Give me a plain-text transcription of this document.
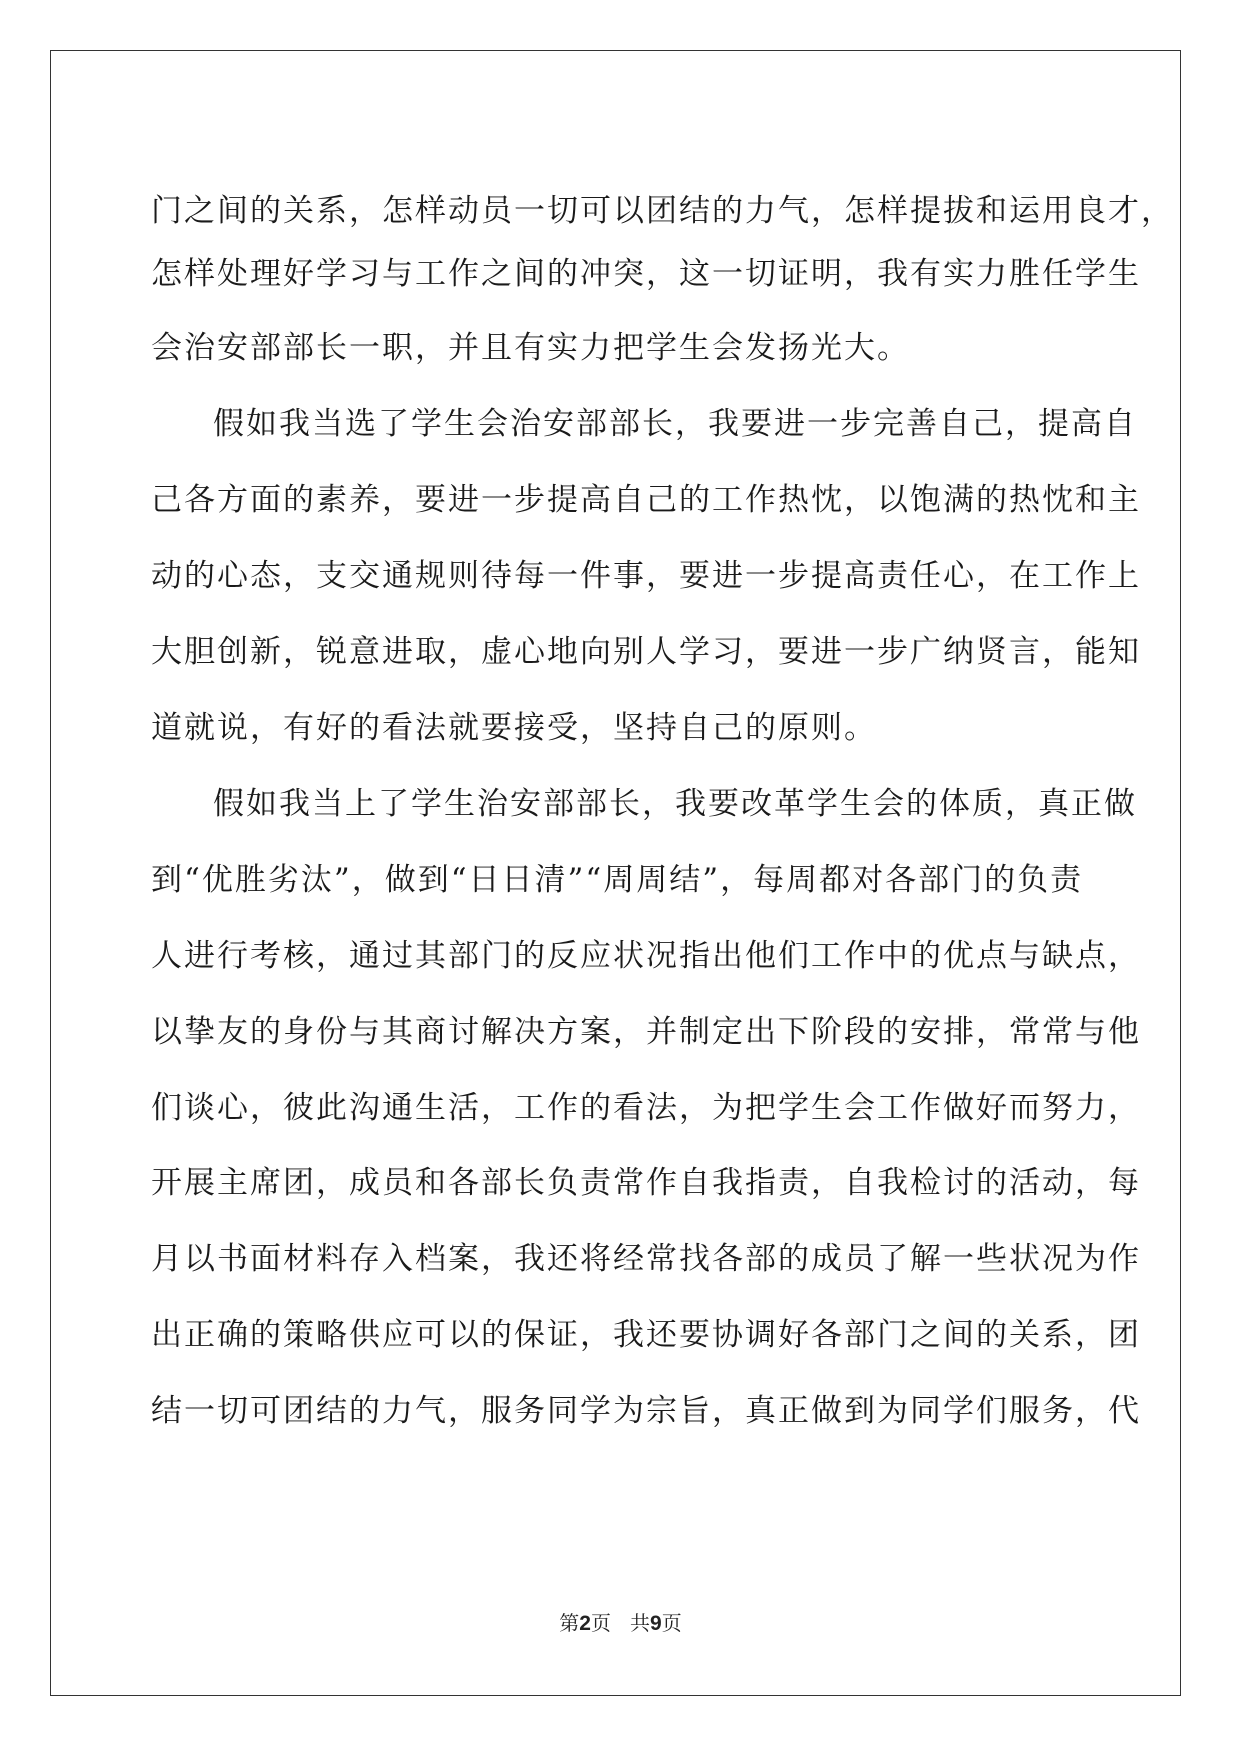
门之间的关系，怎样动员一切可以团结的力气，怎样提拔和运用良才，
怎样处理好学习与工作之间的冲突，这一切证明，我有实力胜任学生
会治安部部长一职，并且有实力把学生会发扬光大。
假如我当选了学生会治安部部长，我要进一步完善自己，提高自
己各方面的素养，要进一步提高自己的工作热忱，以饱满的热忱和主
动的心态，支交通规则待每一件事，要进一步提高责任心，在工作上
大胆创新，锐意进取，虚心地向别人学习，要进一步广纳贤言，能知
道就说，有好的看法就要接受，坚持自己的原则。
假如我当上了学生治安部部长，我要改革学生会的体质，真正做
到“优胜劣汰”，做到“日日清”“周周结”，每周都对各部门的负责
人进行考核，通过其部门的反应状况指出他们工作中的优点与缺点，
以挚友的身份与其商讨解决方案，并制定出下阶段的安排，常常与他
们谈心，彼此沟通生活，工作的看法，为把学生会工作做好而努力，
开展主席团，成员和各部长负责常作自我指责，自我检讨的活动，每
月以书面材料存入档案，我还将经常找各部的成员了解一些状况为作
出正确的策略供应可以的保证，我还要协调好各部门之间的关系，团
结一切可团结的力气，服务同学为宗旨，真正做到为同学们服务，代
第2页 共9页
